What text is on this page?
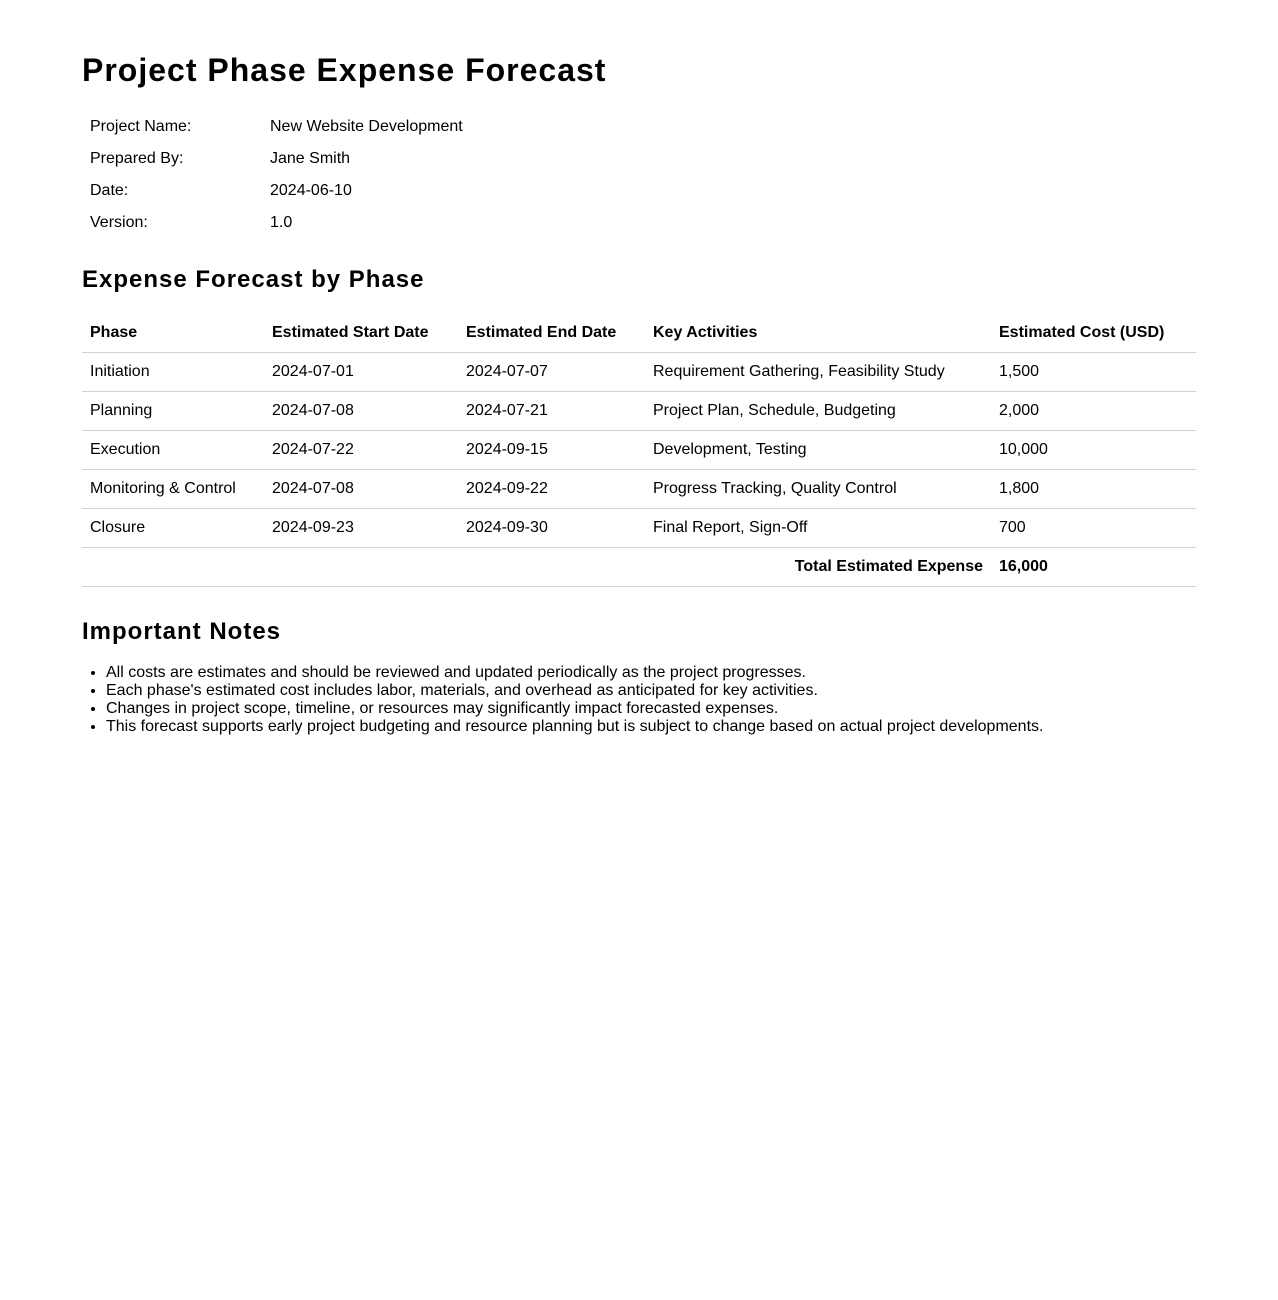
Project Phase Expense Forecast
Project Name:	New Website Development
Prepared By:	Jane Smith
Date:	2024-06-10
Version:	1.0
Expense Forecast by Phase
Phase	Estimated Start Date	Estimated End Date	Key Activities	Estimated Cost (USD)
Initiation	2024-07-01	2024-07-07	Requirement Gathering, Feasibility Study	1,500
Planning	2024-07-08	2024-07-21	Project Plan, Schedule, Budgeting	2,000
Execution	2024-07-22	2024-09-15	Development, Testing	10,000
Monitoring & Control	2024-07-08	2024-09-22	Progress Tracking, Quality Control	1,800
Closure	2024-09-23	2024-09-30	Final Report, Sign-Off	700
Total Estimated Expense				16,000
Important Notes
• All costs are estimates and should be reviewed and updated periodically as the project progresses.
• Each phase's estimated cost includes labor, materials, and overhead as anticipated for key activities.
• Changes in project scope, timeline, or resources may significantly impact forecasted expenses.
• This forecast supports early project budgeting and resource planning but is subject to change based on actual project developments.
